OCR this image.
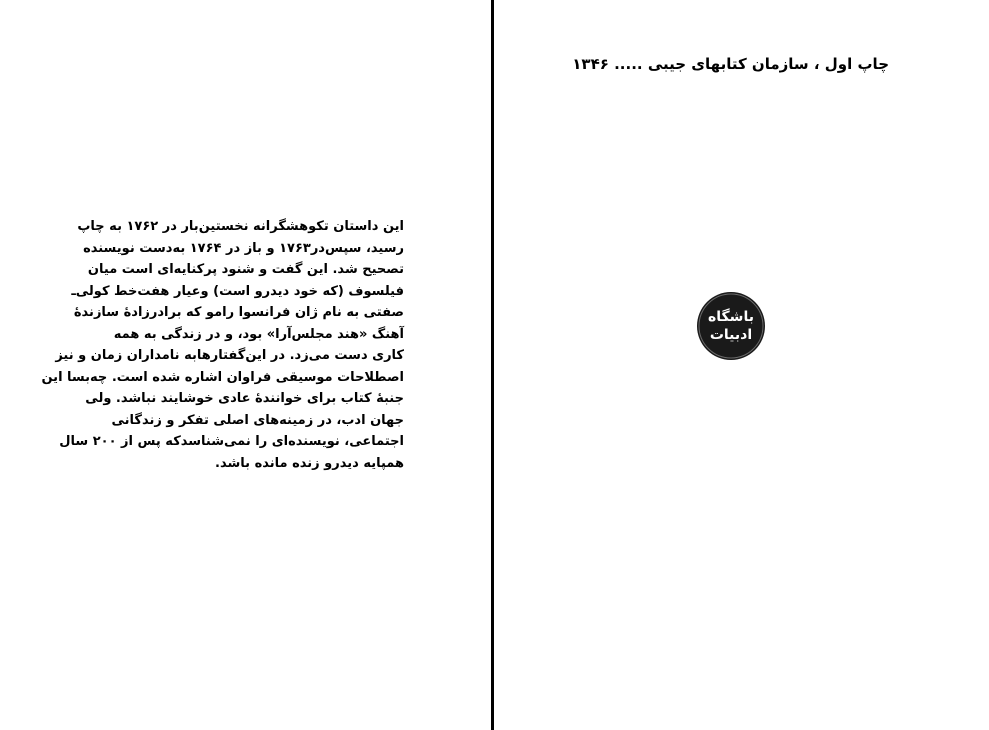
این داستان تکوهشگرانه نخستین‌بار در ۱۷۶۲ به چاپ
رسید، سپس‌در۱۷۶۳ و باز در ۱۷۶۴ به‌دست نویسنده
تصحیح شد. این گفت و شنود پرکنایه‌ای است میان
فیلسوف (که خود دیدرو است) وعیار هفت‌خط کولی‌ـ
صفتی به نام ژان فرانسوا رامو که برادرزادهٔ سازندهٔ
آهنگ «هند مجلس‌آرا» بود، و در زندگی به همه
کاری دست می‌زد. در این‌گفتارها‌به نامداران زمان و نیز
اصطلاحات موسیقی فراوان اشاره شده است. چه‌بسا این
جنبهٔ کتاب برای خوانندهٔ عادی خوشایند نباشد. ولی
جهان ادب، در زمینه‌های اصلی تفکر و زندگانی
اجتماعی، نویسنده‌ای را نمی‌شناسدکه پس از ۲۰۰ سال
همپایه دیدرو زنده مانده باشد.
چاپ اول ، سازمان کتابهای جیبی ..... ۱۳۴۶
باشگاه
ادبیات
